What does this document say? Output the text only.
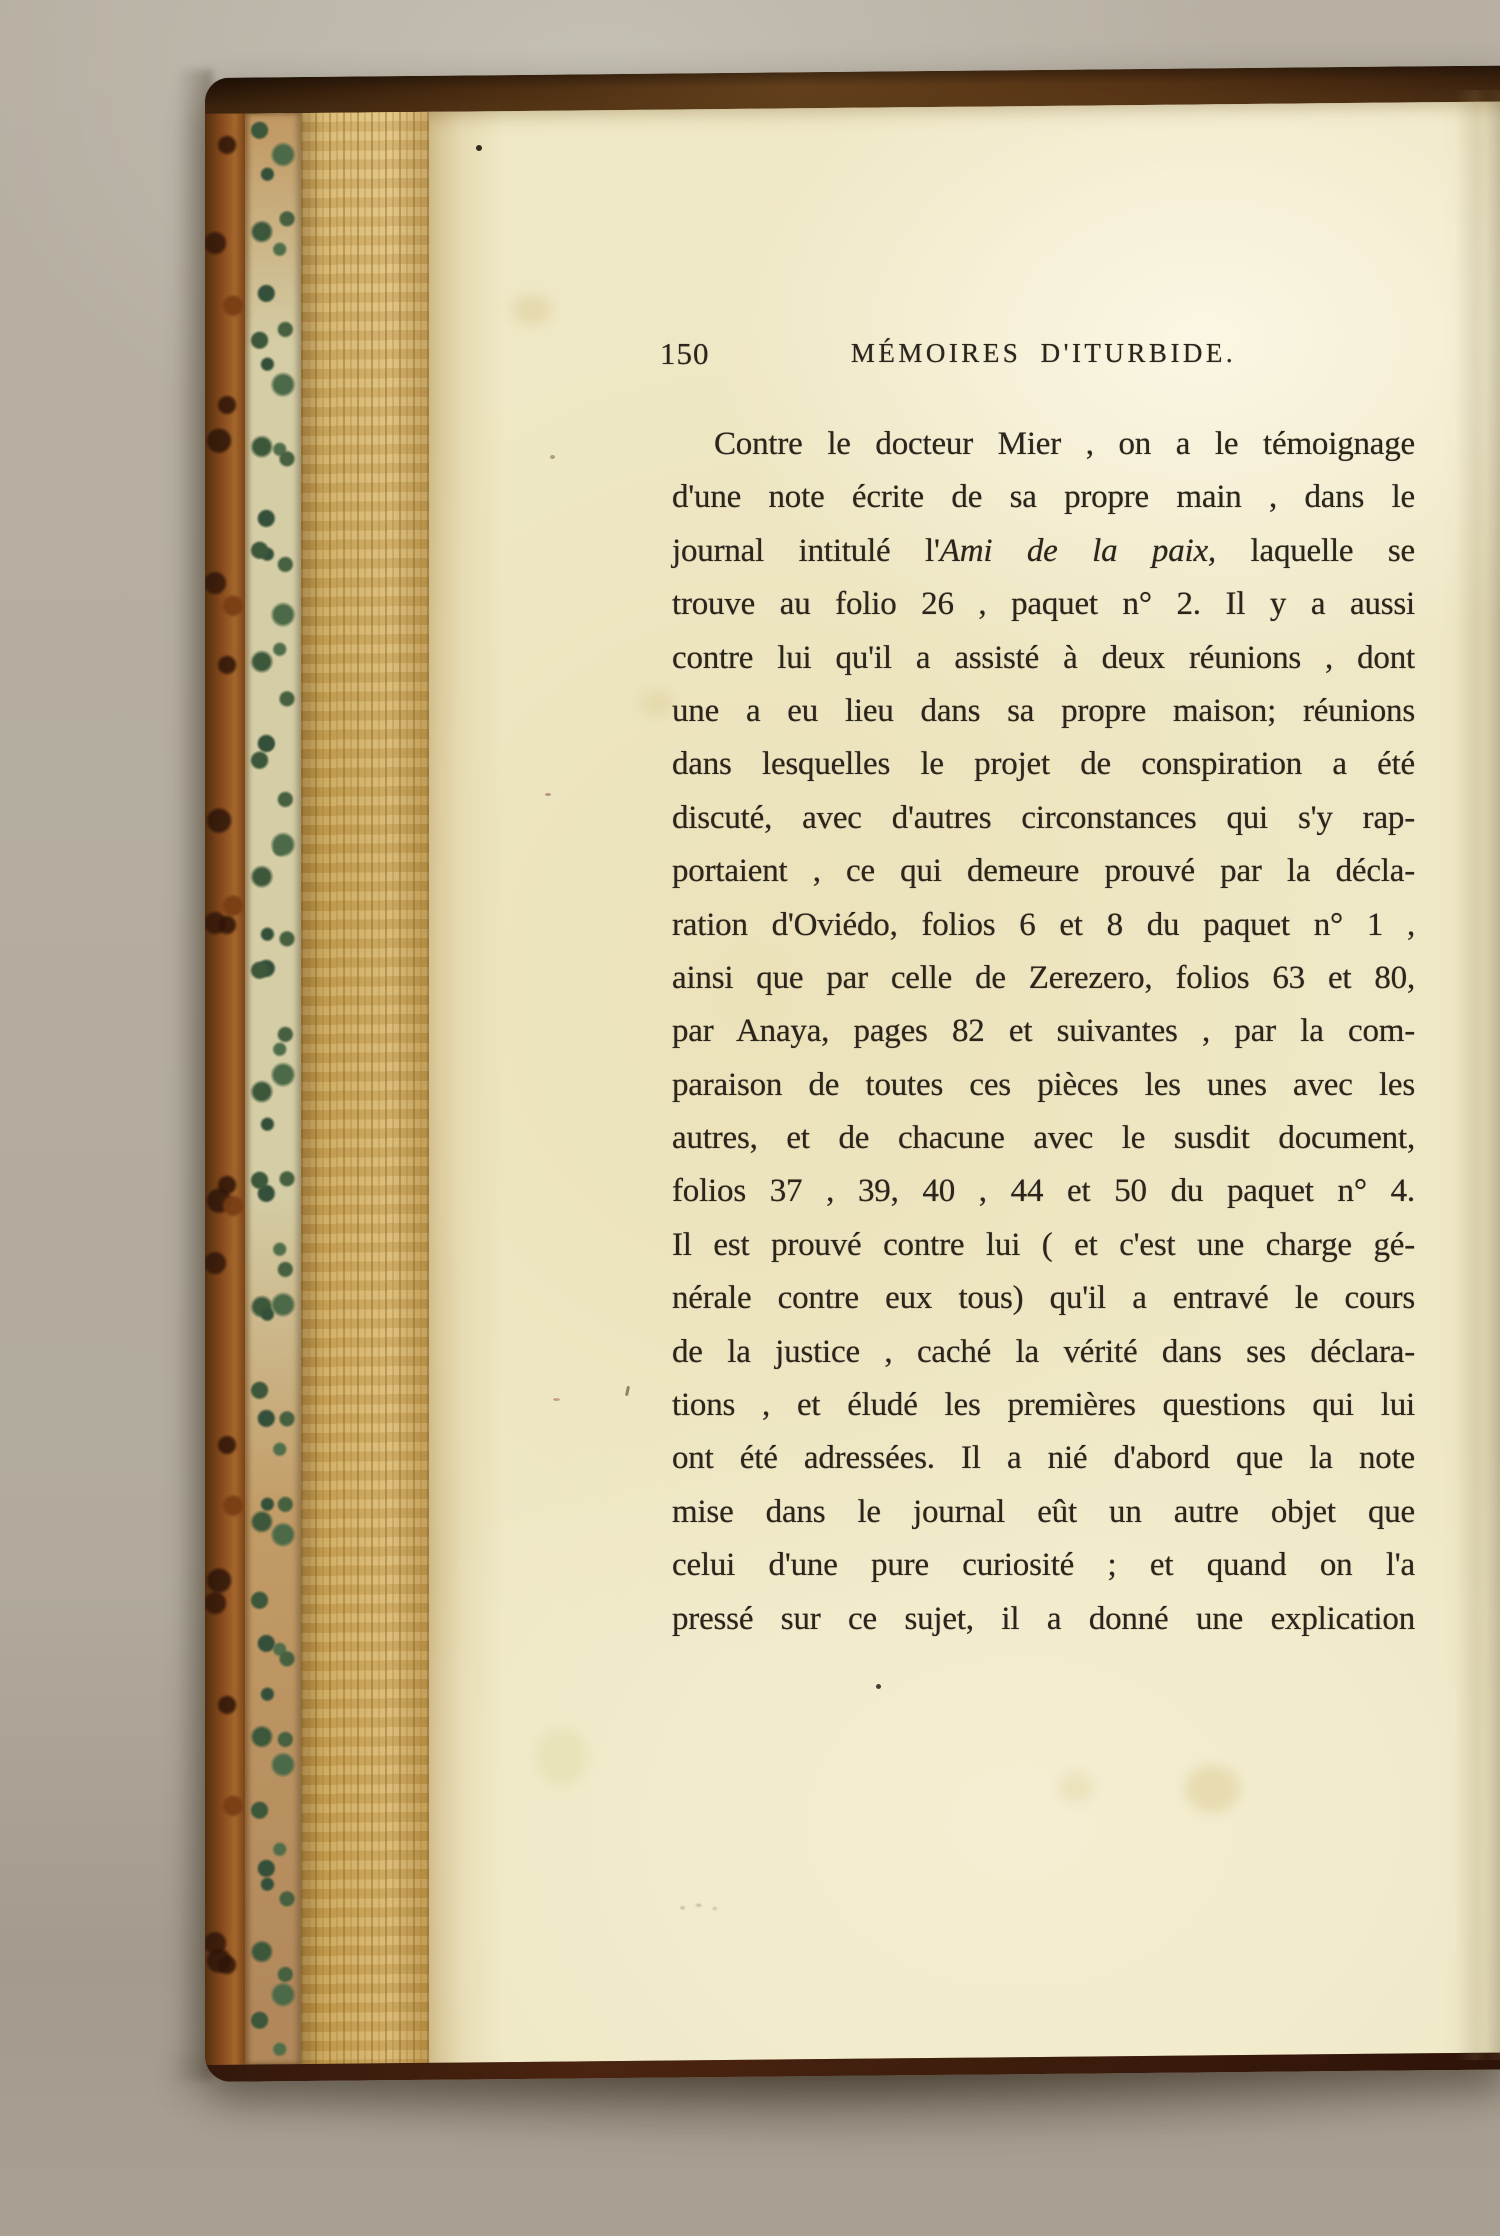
150	MÉMOIRES D'ITURBIDE.
Contre le docteur Mier , on a le témoignage
d'une note écrite de sa propre main , dans le
journal intitulé l'Ami de la paix, laquelle se
trouve au folio 26 , paquet n° 2. Il y a aussi
contre lui qu'il a assisté à deux réunions , dont
une a eu lieu dans sa propre maison; réunions
dans lesquelles le projet de conspiration a été
discuté, avec d'autres circonstances qui s'y rap-
portaient , ce qui demeure prouvé par la décla-
ration d'Oviédo, folios 6 et 8 du paquet n° 1 ,
ainsi que par celle de Zerezero, folios 63 et 80,
par Anaya, pages 82 et suivantes , par la com-
paraison de toutes ces pièces les unes avec les
autres, et de chacune avec le susdit document,
folios 37 , 39, 40 , 44 et 50 du paquet n° 4.
Il est prouvé contre lui ( et c'est une charge gé-
nérale contre eux tous) qu'il a entravé le cours
de la justice , caché la vérité dans ses déclara-
tions , et éludé les premières questions qui lui
ont été adressées. Il a nié d'abord que la note
mise dans le journal eût un autre objet que
celui d'une pure curiosité ; et quand on l'a
pressé sur ce sujet, il a donné une explication
